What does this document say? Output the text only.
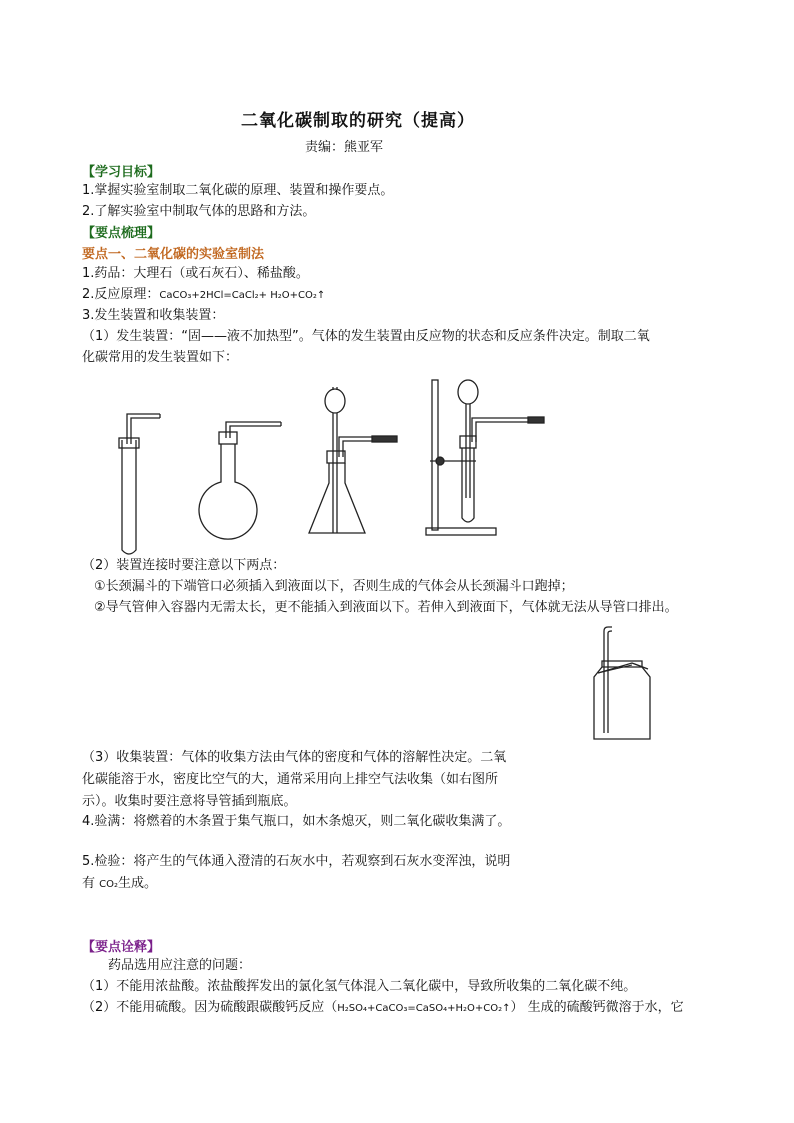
二氧化碳制取的研究（提高）
责编：熊亚军
【学习目标】
1.掌握实验室制取二氧化碳的原理、装置和操作要点。
2.了解实验室中制取气体的思路和方法。
【要点梳理】
要点一、二氧化碳的实验室制法
1.药品：大理石（或石灰石）、稀盐酸。
2.反应原理：CaCO₃+2HCl=CaCl₂+ H₂O+CO₂↑
3.发生装置和收集装置：
（1）发生装置：“固——液不加热型”。气体的发生装置由反应物的状态和反应条件决定。制取二氧
化碳常用的发生装置如下：
（2）装置连接时要注意以下两点：
①长颈漏斗的下端管口必须插入到液面以下，否则生成的气体会从长颈漏斗口跑掉；
②导气管伸入容器内无需太长，更不能插入到液面以下。若伸入到液面下，气体就无法从导管口排出。
（3）收集装置：气体的收集方法由气体的密度和气体的溶解性决定。二氧
化碳能溶于水，密度比空气的大，通常采用向上排空气法收集（如右图所
示）。收集时要注意将导管插到瓶底。
4.验满：将燃着的木条置于集气瓶口，如木条熄灭，则二氧化碳收集满了。
5.检验：将产生的气体通入澄清的石灰水中，若观察到石灰水变浑浊，说明
有 CO₂生成。
【要点诠释】
药品选用应注意的问题：
（1）不能用浓盐酸。浓盐酸挥发出的氯化氢气体混入二氧化碳中，导致所收集的二氧化碳不纯。
（2）不能用硫酸。因为硫酸跟碳酸钙反应（H₂SO₄+CaCO₃=CaSO₄+H₂O+CO₂↑） 生成的硫酸钙微溶于水，它
